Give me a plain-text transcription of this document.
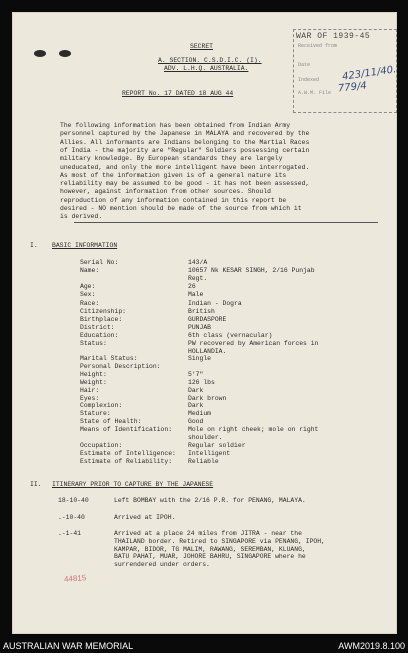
WAR OF 1939-45
Received from
Date
Indexed
A.W.M. File
423/11/40.
779/4
SECRET
A. SECTION. C.S.D.I.C. (I).
ADV. L.H.Q. AUSTRALIA.
REPORT No. 17 DATED 18 AUG 44
The following information has been obtained from Indian Army
personnel captured by the Japanese in MALAYA and recovered by the
Allies. All informants are Indians belonging to the Martial Races
of India - the majority are "Regular" Soldiers possessing certain
military knowledge. By European standards they are largely
uneducated, and only the more intelligent have been interrogated.
As most of the information given is of a general nature its
reliability may be assumed to be good - it has not been assessed,
however, against information from other sources. Should
reproduction of any information contained in this report be
desired - NO mention should be made of the source from which it
is derived.
I. BASIC INFORMATION
Serial No:	143/A
Name:	10657 Nk KESAR SINGH, 2/16 Punjab
Regt.
Age:	26
Sex:	Male
Race:	Indian - Dogra
Citizenship:	British
Birthplace:	GURDASPORE
District:	PUNJAB
Education:	6th class (vernacular)
Status:	PW recovered by American forces in
HOLLANDIA.
Marital Status:	Single
Personal Description:
Height:	5'7"
Weight:	126 lbs
Hair:	Dark
Eyes:	Dark brown
Complexion:	Dark
Stature:	Medium
State of Health:	Good
Means of Identification: Mole on right cheek; mole on right
shoulder.
Occupation:	Regular soldier
Estimate of Intelligence: Intelligent
Estimate of Reliability: Reliable
II. ITINERARY PRIOR TO CAPTURE BY THE JAPANESE
18-10-40	Left BOMBAY with the 2/16 P.R. for PENANG, MALAYA.
.-10-40	Arrived at IPOH.
.-1-41	Arrived at a place 24 miles from JITRA - near the
THAILAND border. Retired to SINGAPORE via PENANG, IPOH,
KAMPAR, BIDOR, TG MALIM, RAWANG, SEREMBAN, KLUANG,
BATU PAHAT, MUAR, JOHORE BAHRU, SINGAPORE where he
surrendered under orders.
44815
AUSTRALIAN WAR MEMORIAL	AWM2019.8.100
